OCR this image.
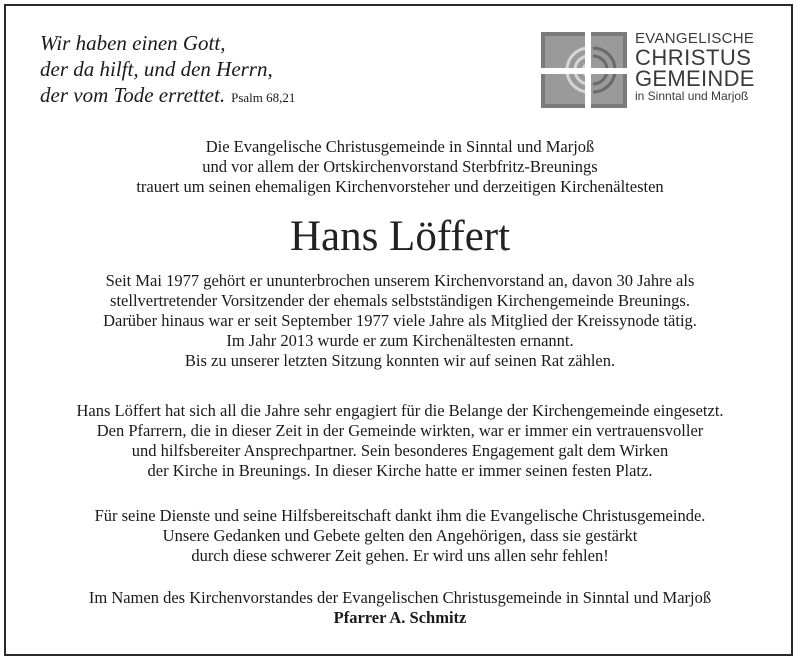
Wir haben einen Gott,
der da hilft, und den Herrn,
der vom Tode errettet. Psalm 68,21
EVANGELISCHE
CHRISTUS
GEMEINDE
in Sinntal und Marjoß
Die Evangelische Christusgemeinde in Sinntal und Marjoß
und vor allem der Ortskirchenvorstand Sterbfritz-Breunings
trauert um seinen ehemaligen Kirchenvorsteher und derzeitigen Kirchenältesten
Hans Löffert
Seit Mai 1977 gehört er ununterbrochen unserem Kirchenvorstand an, davon 30 Jahre als
stellvertretender Vorsitzender der ehemals selbstständigen Kirchengemeinde Breunings.
Darüber hinaus war er seit September 1977 viele Jahre als Mitglied der Kreissynode tätig.
Im Jahr 2013 wurde er zum Kirchenältesten ernannt.
Bis zu unserer letzten Sitzung konnten wir auf seinen Rat zählen.
Hans Löffert hat sich all die Jahre sehr engagiert für die Belange der Kirchengemeinde eingesetzt.
Den Pfarrern, die in dieser Zeit in der Gemeinde wirkten, war er immer ein vertrauensvoller
und hilfsbereiter Ansprechpartner. Sein besonderes Engagement galt dem Wirken
der Kirche in Breunings. In dieser Kirche hatte er immer seinen festen Platz.
Für seine Dienste und seine Hilfsbereitschaft dankt ihm die Evangelische Christusgemeinde.
Unsere Gedanken und Gebete gelten den Angehörigen, dass sie gestärkt
durch diese schwerer Zeit gehen. Er wird uns allen sehr fehlen!
Im Namen des Kirchenvorstandes der Evangelischen Christusgemeinde in Sinntal und Marjoß
Pfarrer A. Schmitz
